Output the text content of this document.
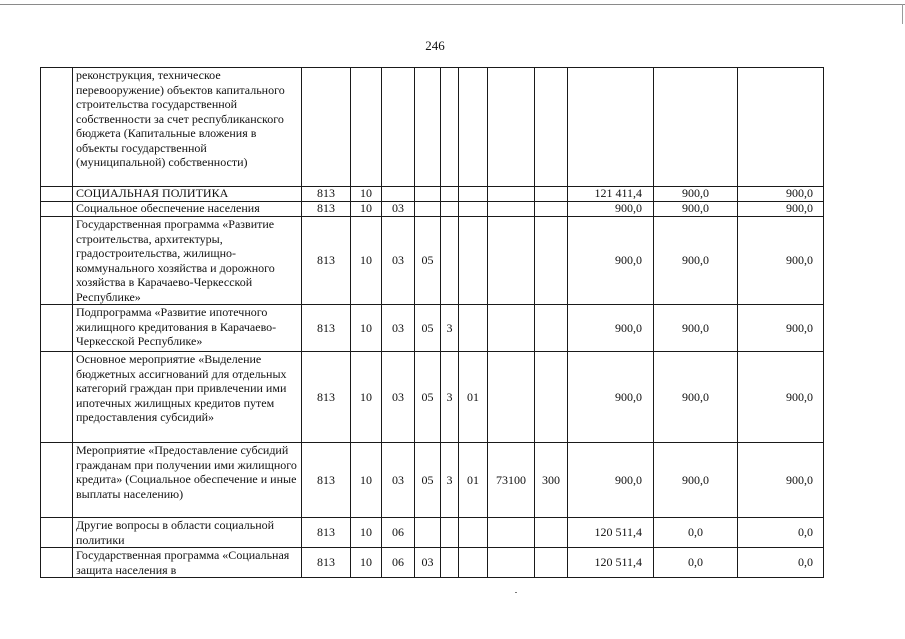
246
	реконструкция, техническое перевооружение) объектов капитального строительства государственной собственности за счет республиканского бюджета (Капитальные вложения в объекты государственной (муниципальной) собственности)											
	СОЦИАЛЬНАЯ ПОЛИТИКА	813	10							121 411,4	900,0	900,0
	Социальное обеспечение населения	813	10	03						900,0	900,0	900,0
	Государственная программа «Развитие строительства, архитектуры, градостроительства, жилищно-коммунального хозяйства и дорожного хозяйства в Карачаево-Черкесской Республике»	813	10	03	05					900,0	900,0	900,0
	Подпрограмма «Развитие ипотечного жилищного кредитования в Карачаево-Черкесской Республике»	813	10	03	05	3				900,0	900,0	900,0
	Основное мероприятие «Выделение бюджетных ассигнований для отдельных категорий граждан при привлечении ими ипотечных жилищных кредитов путем предоставления субсидий»	813	10	03	05	3	01			900,0	900,0	900,0
	Мероприятие «Предоставление субсидий гражданам при получении ими жилищного кредита» (Социальное обеспечение и иные выплаты населению)	813	10	03	05	3	01	73100	300	900,0	900,0	900,0
	Другие вопросы в области социальной политики	813	10	06						120 511,4	0,0	0,0
	Государственная программа «Социальная защита населения в	813	10	06	03					120 511,4	0,0	0,0
